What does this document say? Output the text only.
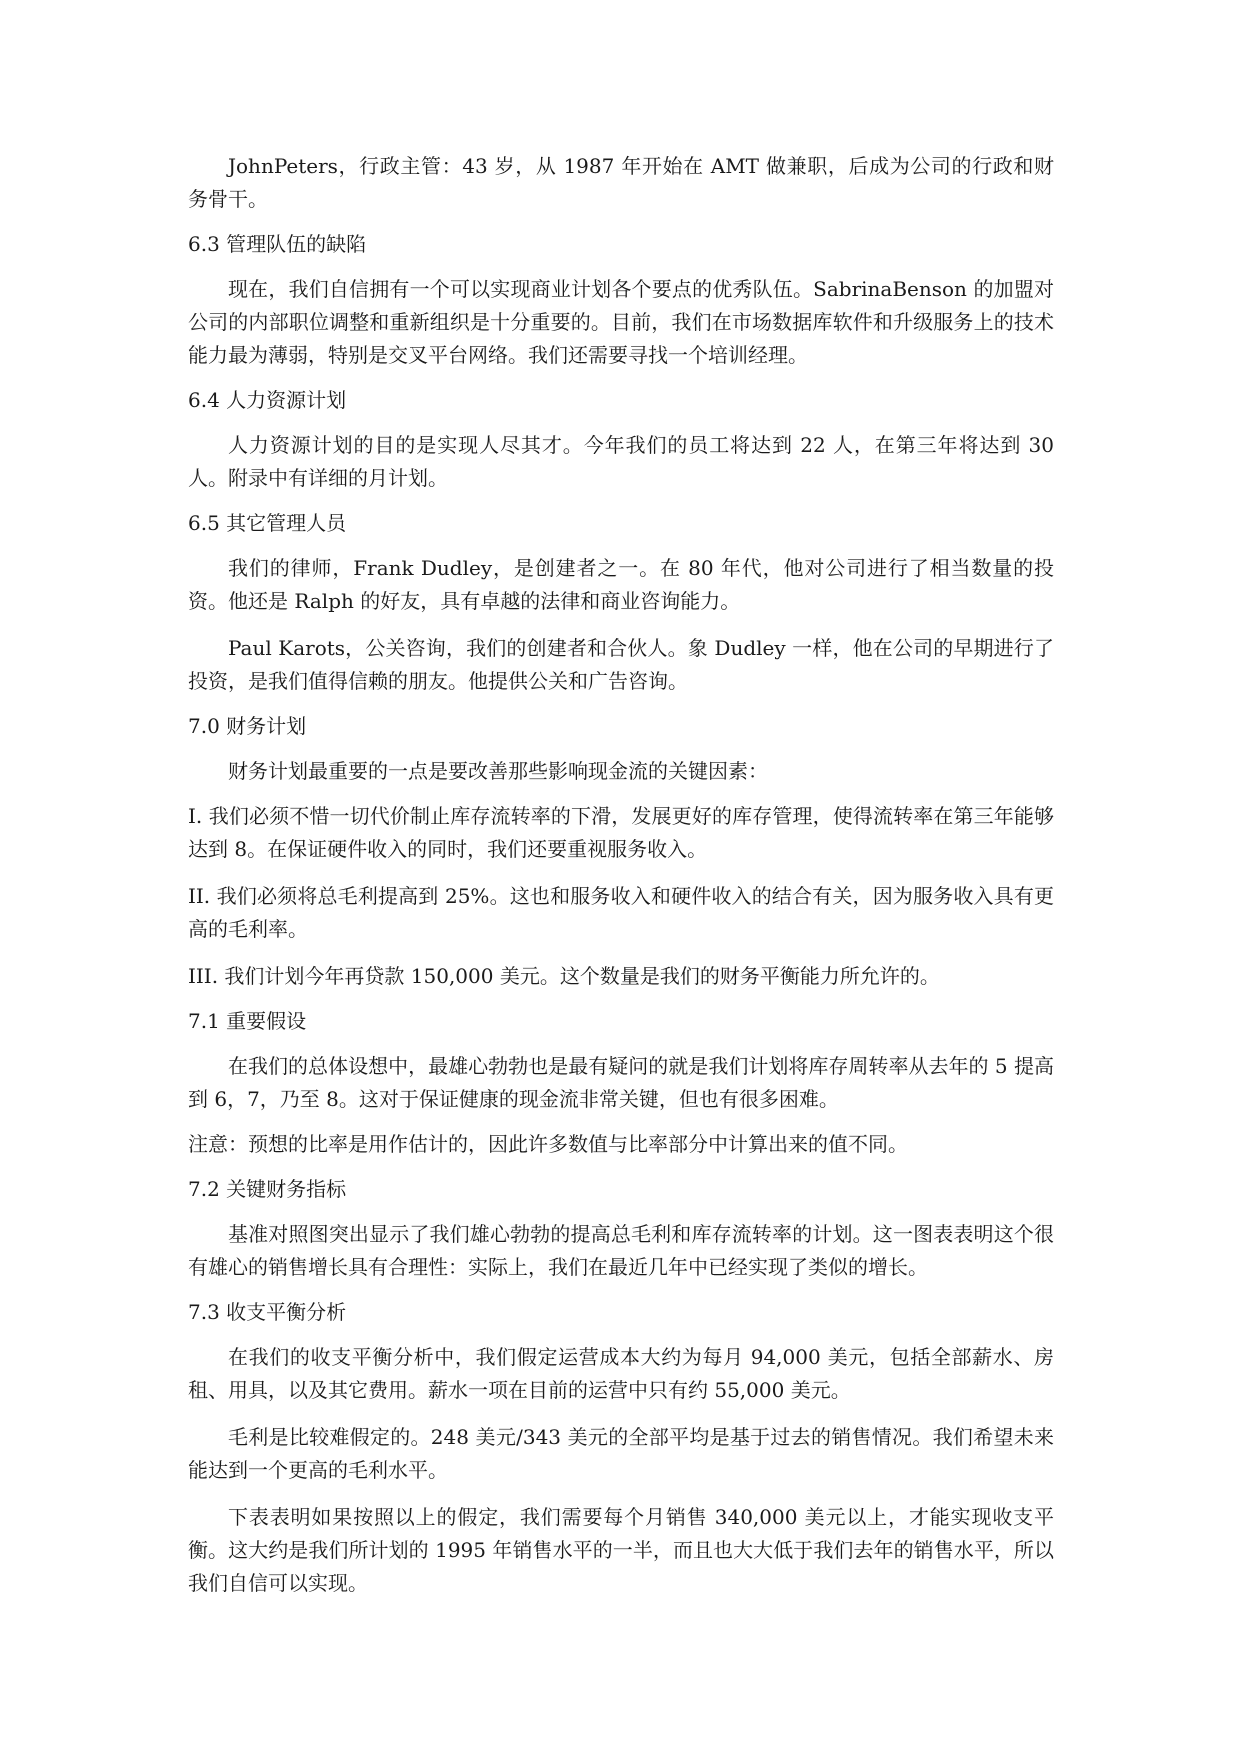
JohnPeters，行政主管：43 岁，从 1987 年开始在 AMT 做兼职，后成为公司的行政和财务骨干。

6.3 管理队伍的缺陷

现在，我们自信拥有一个可以实现商业计划各个要点的优秀队伍。SabrinaBenson 的加盟对公司的内部职位调整和重新组织是十分重要的。目前，我们在市场数据库软件和升级服务上的技术能力最为薄弱，特别是交叉平台网络。我们还需要寻找一个培训经理。

6.4 人力资源计划

人力资源计划的目的是实现人尽其才。今年我们的员工将达到 22 人，在第三年将达到 30 人。附录中有详细的月计划。

6.5 其它管理人员

我们的律师，Frank Dudley，是创建者之一。在 80 年代，他对公司进行了相当数量的投资。他还是 Ralph 的好友，具有卓越的法律和商业咨询能力。

Paul Karots，公关咨询，我们的创建者和合伙人。象 Dudley 一样，他在公司的早期进行了投资，是我们值得信赖的朋友。他提供公关和广告咨询。

7.0 财务计划

财务计划最重要的一点是要改善那些影响现金流的关键因素：

I. 我们必须不惜一切代价制止库存流转率的下滑，发展更好的库存管理，使得流转率在第三年能够达到 8。在保证硬件收入的同时，我们还要重视服务收入。

II. 我们必须将总毛利提高到 25%。这也和服务收入和硬件收入的结合有关，因为服务收入具有更高的毛利率。

III. 我们计划今年再贷款 150,000 美元。这个数量是我们的财务平衡能力所允许的。

7.1 重要假设

在我们的总体设想中，最雄心勃勃也是最有疑问的就是我们计划将库存周转率从去年的 5 提高到 6，7，乃至 8。这对于保证健康的现金流非常关键，但也有很多困难。

注意：预想的比率是用作估计的，因此许多数值与比率部分中计算出来的值不同。

7.2 关键财务指标

基准对照图突出显示了我们雄心勃勃的提高总毛利和库存流转率的计划。这一图表表明这个很有雄心的销售增长具有合理性：实际上，我们在最近几年中已经实现了类似的增长。

7.3 收支平衡分析

在我们的收支平衡分析中，我们假定运营成本大约为每月 94,000 美元，包括全部薪水、房租、用具，以及其它费用。薪水一项在目前的运营中只有约 55,000 美元。

毛利是比较难假定的。248 美元/343 美元的全部平均是基于过去的销售情况。我们希望未来能达到一个更高的毛利水平。

下表表明如果按照以上的假定，我们需要每个月销售 340,000 美元以上，才能实现收支平衡。这大约是我们所计划的 1995 年销售水平的一半，而且也大大低于我们去年的销售水平，所以我们自信可以实现。
